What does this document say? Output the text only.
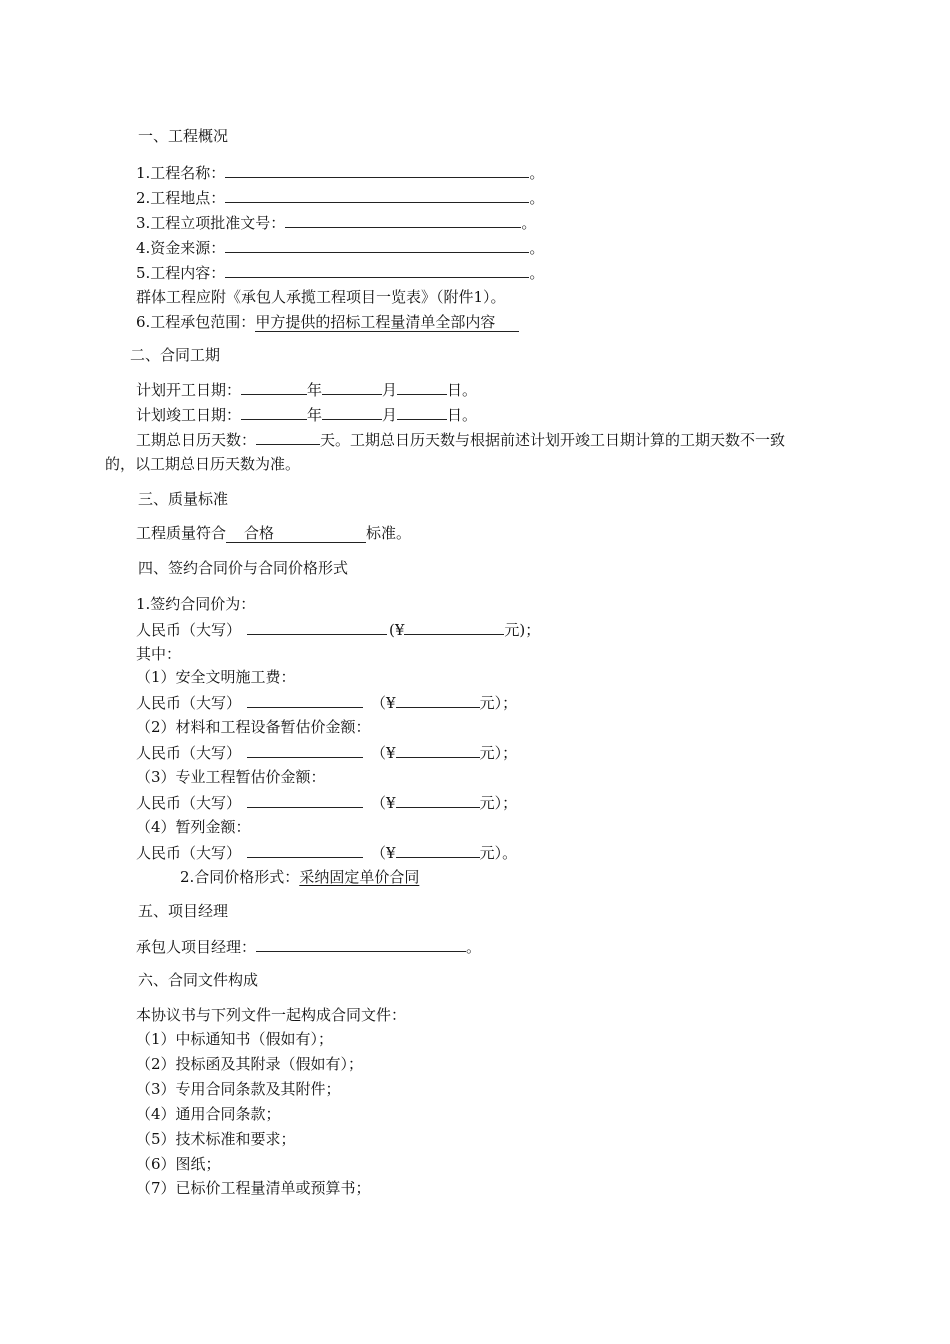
一、工程概况
1.工程名称：	。
2.工程地点：	。
3.工程立项批准文号：	。
4.资金来源：	。
5.工程内容：	。
群体工程应附《承包人承揽工程项目一览表》（附件1）。
6.工程承包范围：甲方提供的招标工程量清单全部内容
二、合同工期
计划开工日期：	年	月	日。
计划竣工日期：	年	月	日。
工期总日历天数：	天。工期总日历天数与根据前述计划开竣工日期计算的工期天数不一致
的，以工期总日历天数为准。
三、质量标准
工程质量符合 合格	标准。
四、签约合同价与合同价格形式
1.签约合同价为：
人民币（大写）	(¥	元)；
其中：
（1）安全文明施工费：
人民币（大写）	（¥	元）；
（2）材料和工程设备暂估价金额：
人民币（大写）	（¥	元）；
（3）专业工程暂估价金额：
人民币（大写）	（¥	元）；
（4）暂列金额：
人民币（大写）	（¥	元）。
2.合同价格形式：采纳固定单价合同
五、项目经理
承包人项目经理：	。
六、合同文件构成
本协议书与下列文件一起构成合同文件：
（1）中标通知书（假如有）；
（2）投标函及其附录（假如有）；
（3）专用合同条款及其附件；
（4）通用合同条款；
（5）技术标准和要求；
（6）图纸；
（7）已标价工程量清单或预算书；
